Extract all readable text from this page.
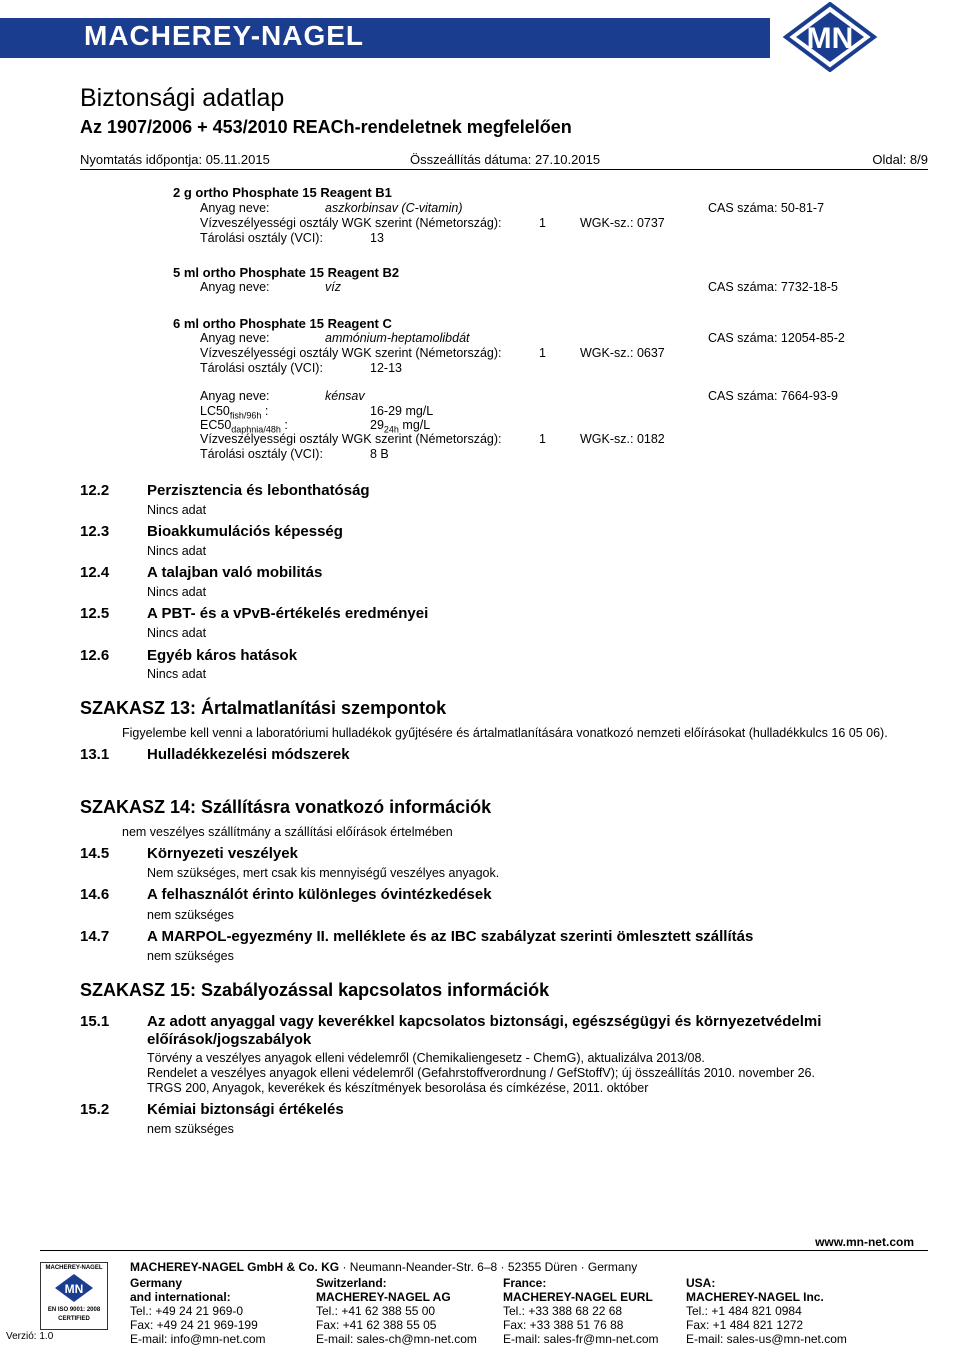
MACHEREY-NAGEL	MN
Biztonsági adatlap
Az 1907/2006 + 453/2010 REACh-rendeletnek megfelelően
Nyomtatás időpontja: 05.11.2015	Összeállítás dátuma: 27.10.2015	Oldal: 8/9
2 g ortho Phosphate 15 Reagent B1
Anyag neve:	aszkorbinsav (C-vitamin)	CAS száma: 50-81-7
Vízveszélyességi osztály WGK szerint (Németország):	1	WGK-sz.: 0737
Tárolási osztály (VCI):	13
5 ml ortho Phosphate 15 Reagent B2
Anyag neve:	víz	CAS száma: 7732-18-5
6 ml ortho Phosphate 15 Reagent C
Anyag neve:	ammónium-heptamolibdát	CAS száma: 12054-85-2
Vízveszélyességi osztály WGK szerint (Németország):	1	WGK-sz.: 0637
Tárolási osztály (VCI):	12-13
Anyag neve:	kénsav	CAS száma: 7664-93-9
$LC50_{fish/96h}$ :	16-29 mg/L
$EC50_{daphnia/48h}$ :	$29_{24h}$ mg/L
Vízveszélyességi osztály WGK szerint (Németország):	1	WGK-sz.: 0182
Tárolási osztály (VCI):	8 B
12.2	Perzisztencia és lebonthatóság
Nincs adat
12.3	Bioakkumulációs képesség
Nincs adat
12.4	A talajban való mobilitás
Nincs adat
12.5	A PBT- és a vPvB-értékelés eredményei
Nincs adat
12.6	Egyéb káros hatások
Nincs adat
SZAKASZ 13: Ártalmatlanítási szempontok
Figyelembe kell venni a laboratóriumi hulladékok gyűjtésére és ártalmatlanítására vonatkozó nemzeti előírásokat (hulladékkulcs 16 05 06).
13.1	Hulladékkezelési módszerek
SZAKASZ 14: Szállításra vonatkozó információk
nem veszélyes szállítmány a szállítási előírások értelmében
14.5	Környezeti veszélyek
Nem szükséges, mert csak kis mennyiségű veszélyes anyagok.
14.6	A felhasználót érinto különleges óvintézkedések
nem szükséges
14.7	A MARPOL-egyezmény II. melléklete és az IBC szabályzat szerinti ömlesztett szállítás
nem szükséges
SZAKASZ 15: Szabályozással kapcsolatos információk
15.1	Az adott anyaggal vagy keverékkel kapcsolatos biztonsági, egészségügyi és környezetvédelmi
előírások/jogszabályok
Törvény a veszélyes anyagok elleni védelemről (Chemikaliengesetz - ChemG), aktualizálva 2013/08.
Rendelet a veszélyes anyagok elleni védelemről (Gefahrstoffverordnung / GefStoffV); új összeállítás 2010. november 26.
TRGS 200, Anyagok, keverékek és készítmények besorolása és címkézése, 2011. október
15.2	Kémiai biztonsági értékelés
nem szükséges
www.mn-net.com
MACHEREY-NAGEL
MN
EN ISO 9001: 2008
CERTIFIED
MACHEREY-NAGEL GmbH & Co. KG · Neumann-Neander-Str. 6–8 · 52355 Düren · Germany
Germany
and international:
Tel.: +49 24 21 969-0
Fax: +49 24 21 969-199
E-mail: info@mn-net.com
Switzerland:
MACHEREY-NAGEL AG
Tel.: +41 62 388 55 00
Fax: +41 62 388 55 05
E-mail: sales-ch@mn-net.com
France:
MACHEREY-NAGEL EURL
Tel.: +33 388 68 22 68
Fax: +33 388 51 76 88
E-mail: sales-fr@mn-net.com
USA:
MACHEREY-NAGEL Inc.
Tel.: +1 484 821 0984
Fax: +1 484 821 1272
E-mail: sales-us@mn-net.com
Verzió: 1.0
